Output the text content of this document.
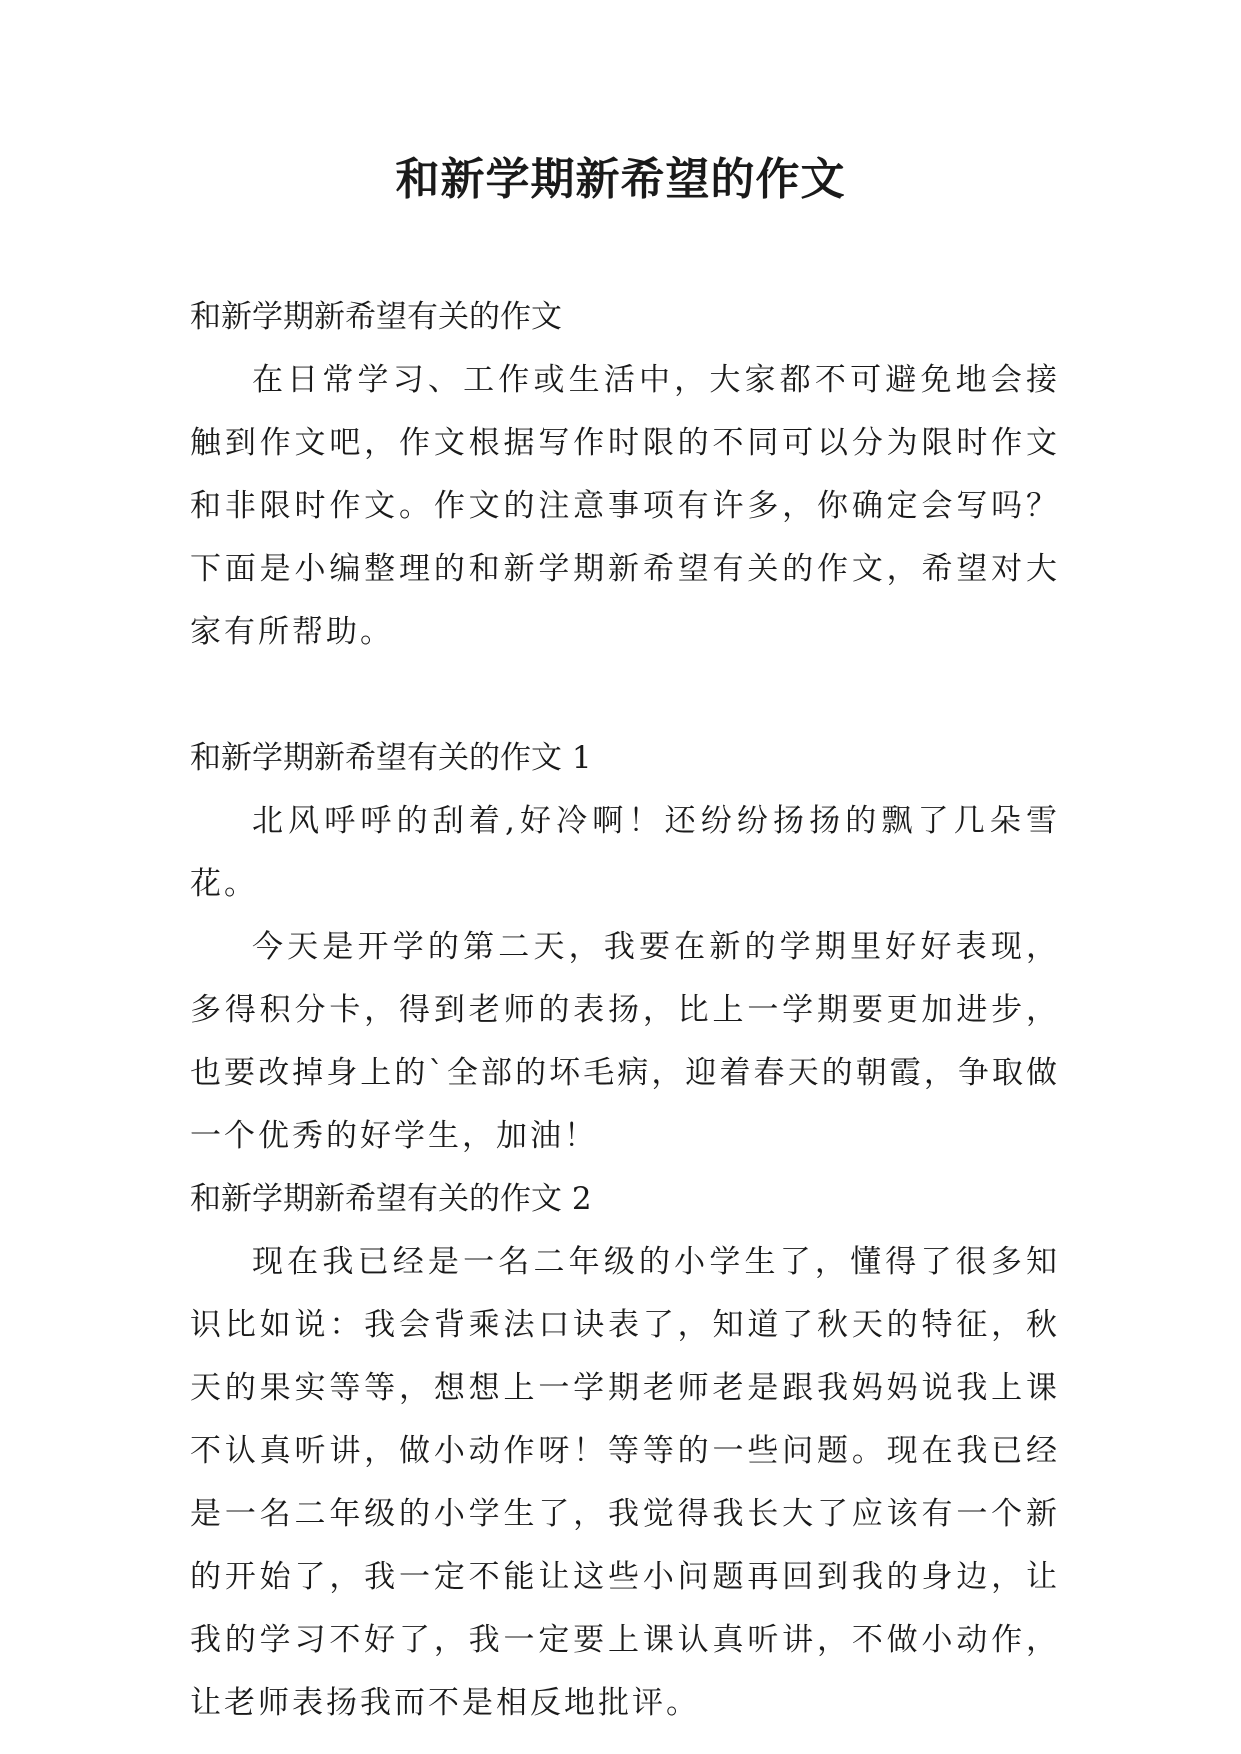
和新学期新希望的作文

和新学期新希望有关的作文

在日常学习、工作或生活中，大家都不可避免地会接触到作文吧，作文根据写作时限的不同可以分为限时作文和非限时作文。作文的注意事项有许多，你确定会写吗？下面是小编整理的和新学期新希望有关的作文，希望对大家有所帮助。

和新学期新希望有关的作文 1

北风呼呼的刮着,好冷啊！还纷纷扬扬的飘了几朵雪花。

今天是开学的第二天，我要在新的学期里好好表现，多得积分卡，得到老师的表扬，比上一学期要更加进步，也要改掉身上的`全部的坏毛病，迎着春天的朝霞，争取做一个优秀的好学生，加油！

和新学期新希望有关的作文 2

现在我已经是一名二年级的小学生了，懂得了很多知识比如说：我会背乘法口诀表了，知道了秋天的特征，秋天的果实等等，想想上一学期老师老是跟我妈妈说我上课不认真听讲，做小动作呀！等等的一些问题。现在我已经是一名二年级的小学生了，我觉得我长大了应该有一个新的开始了，我一定不能让这些小问题再回到我的身边，让我的学习不好了，我一定要上课认真听讲，不做小动作，让老师表扬我而不是相反地批评。
